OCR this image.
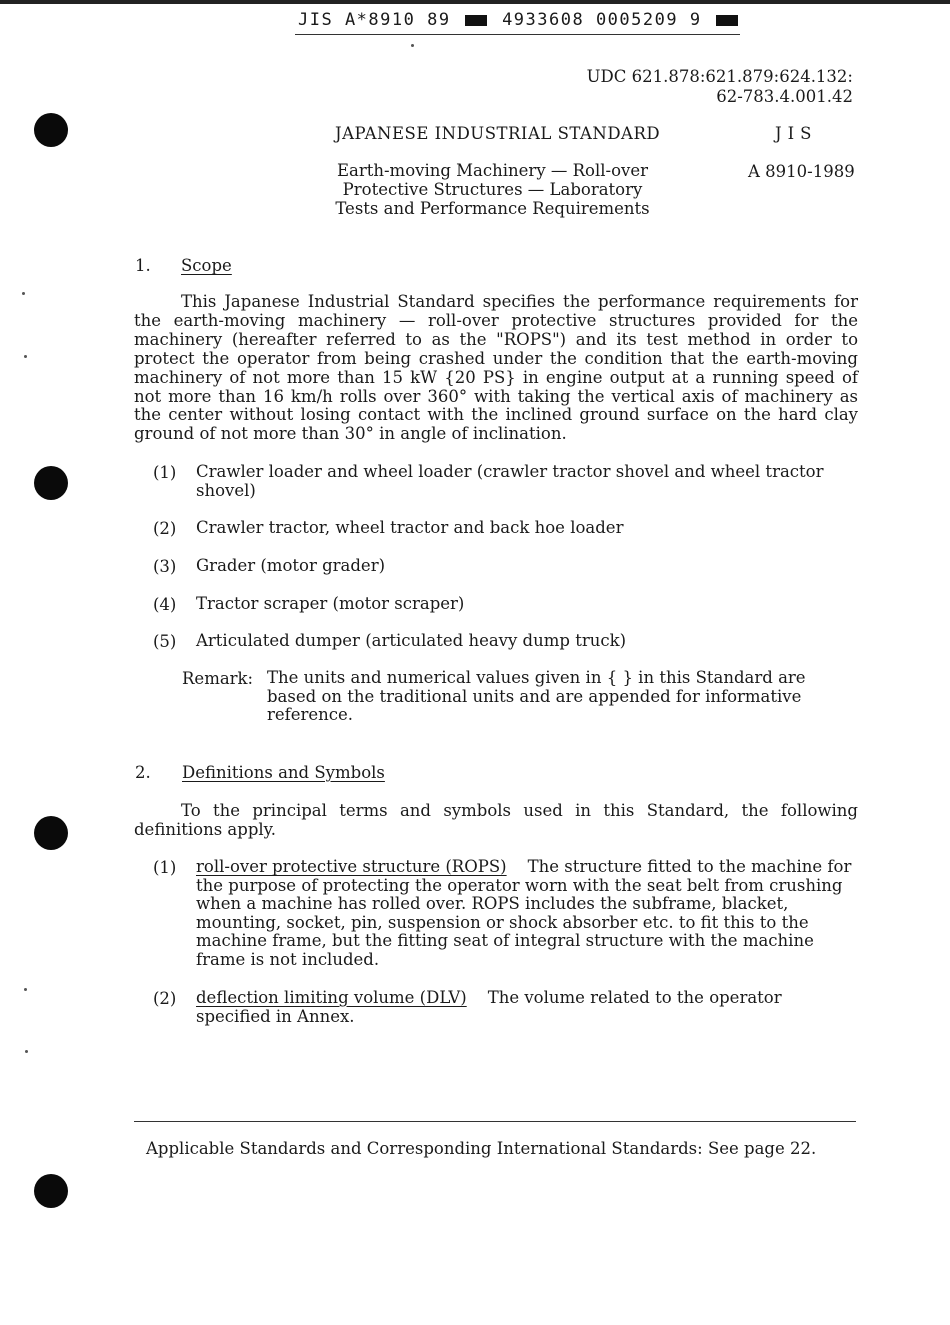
JIS A*8910 89	4933608 0005209 9
UDC 621.878:621.879:624.132:
62-783.4.001.42
JAPANESE INDUSTRIAL STANDARD	JIS
Earth-moving Machinery — Roll-over
Protective Structures — Laboratory
Tests and Performance Requirements
A 8910-1989
1. Scope
This Japanese Industrial Standard specifies the performance requirements for the earth-moving machinery — roll-over protective structures provided for the machinery (hereafter referred to as the "ROPS") and its test method in order to protect the operator from being crashed under the condition that the earth-moving machinery of not more than 15 kW {20 PS} in engine output at a running speed of not more than 16 km/h rolls over 360° with taking the vertical axis of machinery as the center without losing contact with the inclined ground surface on the hard clay ground of not more than 30° in angle of inclination.
(1) Crawler loader and wheel loader (crawler tractor shovel and wheel tractor shovel)
(2) Crawler tractor, wheel tractor and back hoe loader
(3) Grader (motor grader)
(4) Tractor scraper (motor scraper)
(5) Articulated dumper (articulated heavy dump truck)
Remark: The units and numerical values given in { } in this Standard are based on the traditional units and are appended for informative reference.
2. Definitions and Symbols
To the principal terms and symbols used in this Standard, the following definitions apply.
(1) roll-over protective structure (ROPS) The structure fitted to the machine for the purpose of protecting the operator worn with the seat belt from crushing when a machine has rolled over. ROPS includes the subframe, blacket, mounting, socket, pin, suspension or shock absorber etc. to fit this to the machine frame, but the fitting seat of integral structure with the machine frame is not included.
(2) deflection limiting volume (DLV) The volume related to the operator specified in Annex.
Applicable Standards and Corresponding International Standards: See page 22.
